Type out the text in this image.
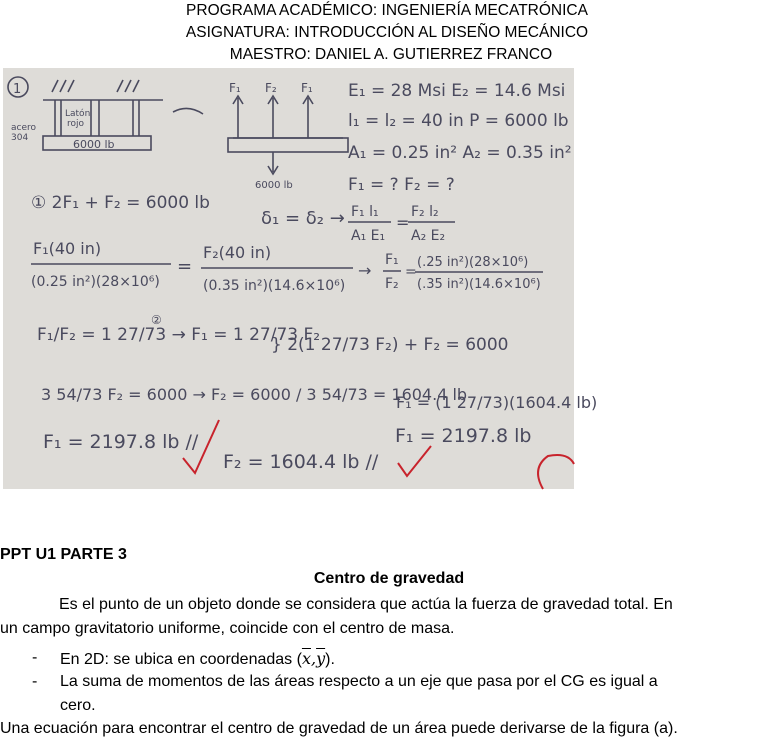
PROGRAMA ACADÉMICO: INGENIERÍA MECATRÓNICA
ASIGNATURA: INTRODUCCIÓN AL DISEÑO MECÁNICO
MAESTRO: DANIEL A. GUTIERREZ FRANCO
1
acero
304
Latón
rojo
6000 lb
F₁ F₂ F₁
6000 lb
E₁ = 28 Msi E₂ = 14.6 Msi
l₁ = l₂ = 40 in P = 6000 lb
A₁ = 0.25 in² A₂ = 0.35 in²
F₁ = ? F₂ = ?
① 2F₁ + F₂ = 6000 lb
δ₁ = δ₂ → F₁ l₁
A₁ E₁
=
F₂ l₂
A₂ E₂
F₁(40 in)
(0.25 in²)(28×10⁶)
=
F₂(40 in)
(0.35 in²)(14.6×10⁶)
→
F₁
F₂
=
(.25 in²)(28×10⁶)
(.35 in²)(14.6×10⁶)
F₁/F₂ = 1 27/73 → F₁ = 1 27/73 F₂
②
} 2(1 27/73 F₂) + F₂ = 6000
3 54/73 F₂ = 6000 → F₂ = 6000 / 3 54/73 = 1604.4 lb
F₁ = (1 27/73)(1604.4 lb)
F₁ = 2197.8 lb //
F₂ = 1604.4 lb //
F₁ = 2197.8 lb
PPT U1 PARTE 3
Centro de gravedad
Es el punto de un objeto donde se considera que actúa la fuerza de gravedad total. En
un campo gravitatorio uniforme, coincide con el centro de masa.
- En 2D: se ubica en coordenadas $(\overline{x},\overline{y})$.
- La suma de momentos de las áreas respecto a un eje que pasa por el CG es igual a
cero.
Una ecuación para encontrar el centro de gravedad de un área puede derivarse de la figura (a).
